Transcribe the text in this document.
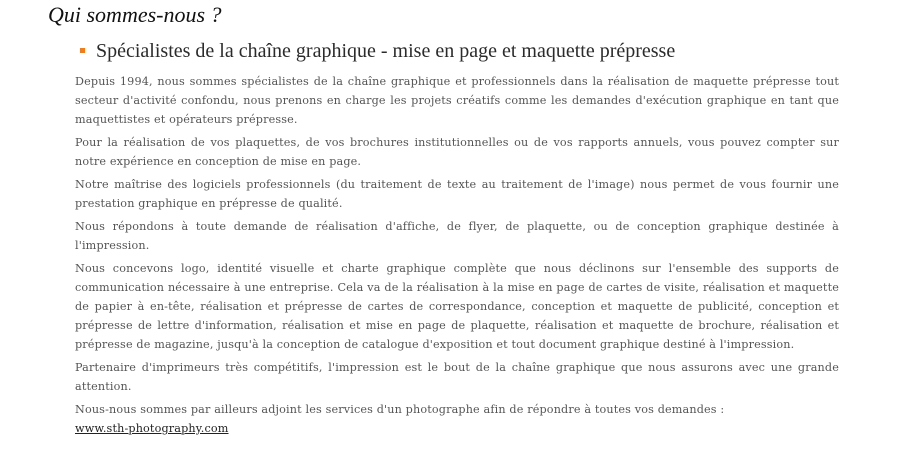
Qui sommes-nous ?
Spécialistes de la chaîne graphique - mise en page et maquette prépresse

Depuis 1994, nous sommes spécialistes de la chaîne graphique et professionnels dans la réalisation de maquette prépresse tout secteur d'activité confondu, nous prenons en charge les projets créatifs comme les demandes d'exécution graphique en tant que maquettistes et opérateurs prépresse.

Pour la réalisation de vos plaquettes, de vos brochures institutionnelles ou de vos rapports annuels, vous pouvez compter sur notre expérience en conception de mise en page.

Notre maîtrise des logiciels professionnels (du traitement de texte au traitement de l'image) nous permet de vous fournir une prestation graphique en prépresse de qualité.

Nous répondons à toute demande de réalisation d'affiche, de flyer, de plaquette, ou de conception graphique destinée à l'impression.

Nous concevons logo, identité visuelle et charte graphique complète que nous déclinons sur l'ensemble des supports de communication nécessaire à une entreprise. Cela va de la réalisation à la mise en page de cartes de visite, réalisation et maquette de papier à en-tête, réalisation et prépresse de cartes de correspondance, conception et maquette de publicité, conception et prépresse de lettre d'information, réalisation et mise en page de plaquette, réalisation et maquette de brochure, réalisation et prépresse de magazine, jusqu'à la conception de catalogue d'exposition et tout document graphique destiné à l'impression.

Partenaire d'imprimeurs très compétitifs, l'impression est le bout de la chaîne graphique que nous assurons avec une grande attention.

Nous-nous sommes par ailleurs adjoint les services d'un photographe afin de répondre à toutes vos demandes :
www.sth-photography.com
